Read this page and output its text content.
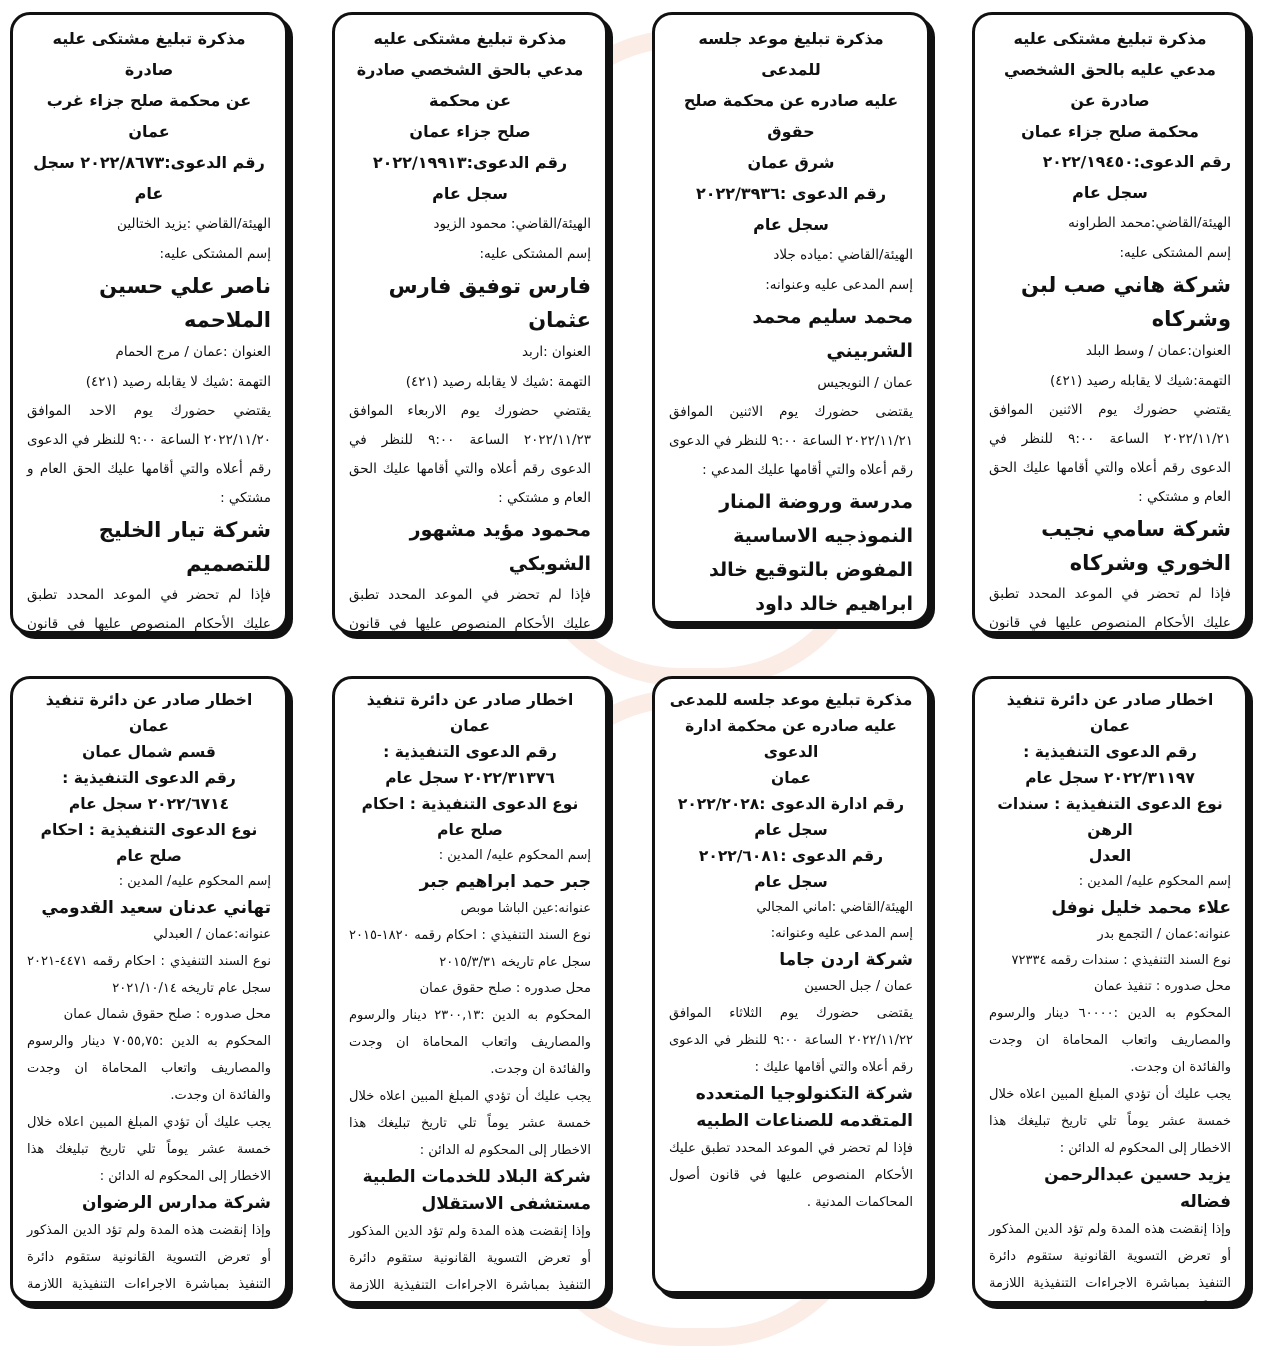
مذكرة تبليغ مشتكى عليه
مدعي عليه بالحق الشخصي صادرة عن
محكمة صلح جزاء عمان
رقم الدعوى:٢٠٢٢/١٩٤٥٠
سجل عام
الهيئة/القاضي:محمد الطراونه
إسم المشتكى عليه:
شركة هاني صب لبن وشركاه
العنوان:عمان / وسط البلد
التهمة:شيك لا يقابله رصيد (٤٢١)
يقتضي حضورك يوم الاثنين الموافق ٢٠٢٢/١١/٢١ الساعة ٩:٠٠ للنظر في الدعوى رقم أعلاه والتي أقامها عليك الحق العام و مشتكي :
شركة سامي نجيب الخوري وشركاه
فإذا لم تحضر في الموعد المحدد تطبق عليك الأحكام المنصوص عليها في قانون
مذكرة تبليغ موعد جلسه للمدعى
عليه صادره عن محكمة صلح حقوق
شرق عمان
رقم الدعوى :٢٠٢٢/٣٩٣٦
سجل عام
الهيئة/القاضي :مياده جلاد
إسم المدعى عليه وعنوانه:
محمد سليم محمد الشربيني
عمان / النويجيس
يقتضى حضورك يوم الاثنين الموافق ٢٠٢٢/١١/٢١ الساعة ٩:٠٠ للنظر في الدعوى رقم أعلاه والتي أقامها عليك المدعي :
مدرسة وروضة المنار النموذجيه الاساسية المفوض بالتوقيع خالد ابراهيم خالد داود
مذكرة تبليغ مشتكى عليه
مدعي بالحق الشخصي صادرة عن محكمة
صلح جزاء عمان
رقم الدعوى:٢٠٢٢/١٩٩١٣
سجل عام
الهيئة/القاضي: محمود الزيود
إسم المشتكى عليه:
فارس توفيق فارس عثمان
العنوان :اربد
التهمة :شيك لا يقابله رصيد (٤٢١)
يقتضي حضورك يوم الاربعاء الموافق ٢٠٢٢/١١/٢٣ الساعة ٩:٠٠ للنظر في الدعوى رقم أعلاه والتي أقامها عليك الحق العام و مشتكي :
محمود مؤيد مشهور الشوبكي
فإذا لم تحضر في الموعد المحدد تطبق عليك الأحكام المنصوص عليها في قانون
مذكرة تبليغ مشتكى عليه صادرة
عن محكمة صلح جزاء غرب عمان
رقم الدعوى:٢٠٢٢/٨٦٧٣ سجل عام
الهيئة/القاضي :يزيد الختالين
إسم المشتكى عليه:
ناصر علي حسين الملاحمه
العنوان :عمان / مرج الحمام
التهمة :شيك لا يقابله رصيد (٤٢١)
يقتضي حضورك يوم الاحد الموافق ٢٠٢٢/١١/٢٠ الساعة ٩:٠٠ للنظر في الدعوى رقم أعلاه والتي أقامها عليك الحق العام و مشتكي :
شركة تيار الخليج للتصميم
فإذا لم تحضر في الموعد المحدد تطبق عليك الأحكام المنصوص عليها في قانون
اخطار صادر عن دائرة تنفيذ عمان
رقم الدعوى التنفيذية :
٢٠٢٢/٣١١٩٧ سجل عام
نوع الدعوى التنفيذية : سندات الرهن
العدل
إسم المحكوم عليه/ المدين :
علاء محمد خليل نوفل
عنوانه:عمان / التجمع بدر
نوع السند التنفيذي : سندات رقمه ٧٢٣٣٤
محل صدوره : تنفيذ عمان
المحكوم به الدين :٦٠٠٠٠ دينار والرسوم والمصاريف واتعاب المحاماة ان وجدت والفائدة ان وجدت.
يجب عليك أن تؤدي المبلغ المبين اعلاه خلال خمسة عشر يوماً تلي تاريخ تبليغك هذا الاخطار إلى المحكوم له الدائن :
يزيد حسين عبدالرحمن فضاله
وإذا إنقضت هذه المدة ولم تؤد الدين المذكور أو تعرض التسوية القانونية ستقوم دائرة التنفيذ بمباشرة الاجراءات التنفيذية اللازمة
مذكرة تبليغ موعد جلسه للمدعى
عليه صادره عن محكمة ادارة الدعوى
عمان
رقم ادارة الدعوى :٢٠٢٢/٢٠٢٨
سجل عام
رقم الدعوى :٢٠٢٢/٦٠٨١
سجل عام
الهيئة/القاضي :اماني المجالي
إسم المدعى عليه وعنوانه:
شركة اردن جاما
عمان / جبل الحسين
يقتضى حضورك يوم الثلاثاء الموافق ٢٠٢٢/١١/٢٢ الساعة ٩:٠٠ للنظر في الدعوى رقم أعلاه والتي أقامها عليك :
شركة التكنولوجيا المتعدده المتقدمه للصناعات الطبيه
فإذا لم تحضر في الموعد المحدد تطبق عليك الأحكام المنصوص عليها في قانون أصول المحاكمات المدنية .
اخطار صادر عن دائرة تنفيذ عمان
رقم الدعوى التنفيذية :
٢٠٢٢/٣١٣٧٦ سجل عام
نوع الدعوى التنفيذية : احكام صلح عام
إسم المحكوم عليه/ المدين :
جبر حمد ابراهيم جبر
عنوانه:عين الباشا موبص
نوع السند التنفيذي : احكام رقمه ١٨٢٠-٢٠١٥ سجل عام تاريخه ٢٠١٥/٣/٣١
محل صدوره : صلح حقوق عمان
المحكوم به الدين :٢٣٠٠,١٣ دينار والرسوم والمصاريف واتعاب المحاماة ان وجدت والفائدة ان وجدت.
يجب عليك أن تؤدي المبلغ المبين اعلاه خلال خمسة عشر يوماً تلي تاريخ تبليغك هذا الاخطار إلى المحكوم له الدائن :
شركة البلاد للخدمات الطبية مستشفى الاستقلال
وإذا إنقضت هذه المدة ولم تؤد الدين المذكور أو تعرض التسوية القانونية ستقوم دائرة التنفيذ بمباشرة الاجراءات التنفيذية اللازمة
اخطار صادر عن دائرة تنفيذ عمان
قسم شمال عمان
رقم الدعوى التنفيذية :
٢٠٢٢/٦٧١٤ سجل عام
نوع الدعوى التنفيذية : احكام صلح عام
إسم المحكوم عليه/ المدين :
تهاني عدنان سعيد القدومي
عنوانه:عمان / العبدلي
نوع السند التنفيذي : احكام رقمه ٤٤٧١-٢٠٢١ سجل عام تاريخه ٢٠٢١/١٠/١٤
محل صدوره : صلح حقوق شمال عمان
المحكوم به الدين :٧٠٥٥,٧٥ دينار والرسوم والمصاريف واتعاب المحاماة ان وجدت والفائدة ان وجدت.
يجب عليك أن تؤدي المبلغ المبين اعلاه خلال خمسة عشر يوماً تلي تاريخ تبليغك هذا الاخطار إلى المحكوم له الدائن :
شركة مدارس الرضوان
وإذا إنقضت هذه المدة ولم تؤد الدين المذكور أو تعرض التسوية القانونية ستقوم دائرة التنفيذ بمباشرة الاجراءات التنفيذية اللازمة
